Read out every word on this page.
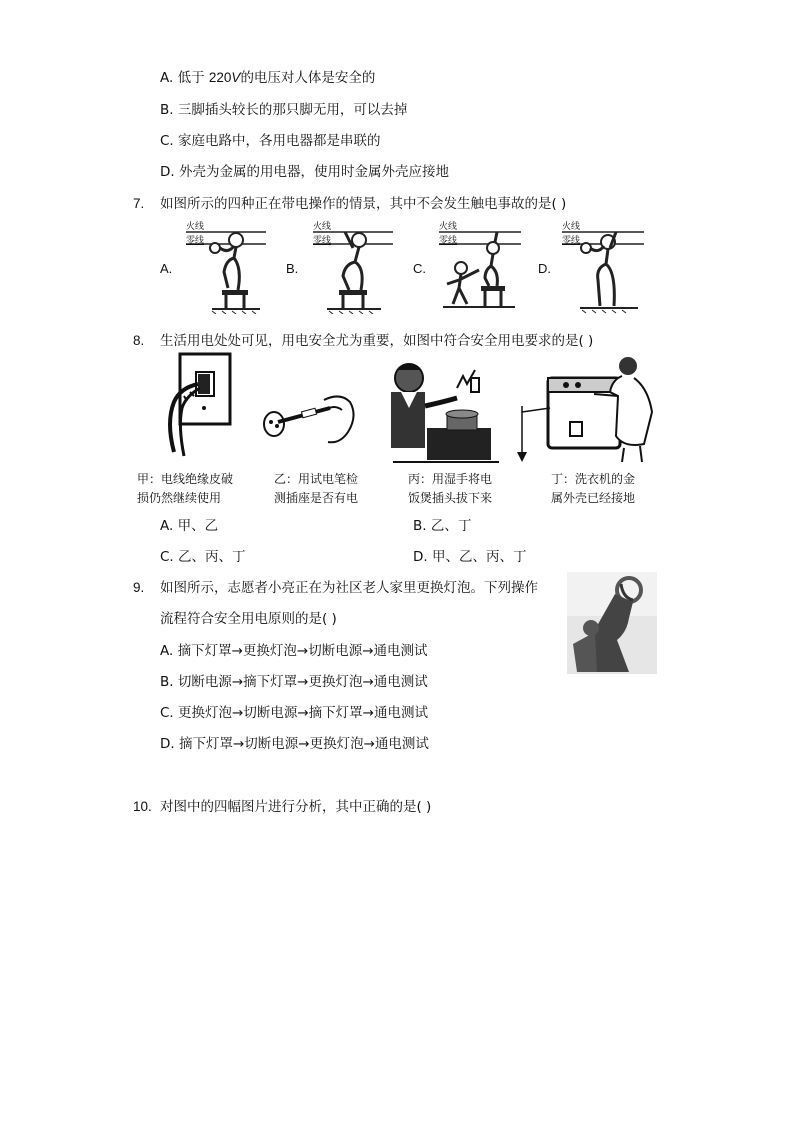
A. 低于 220V的电压对人体是安全的
B. 三脚插头较长的那只脚无用，可以去掉
C. 家庭电路中，各用电器都是串联的
D. 外壳为金属的用电器，使用时金属外壳应接地
7. 如图所示的四种正在带电操作的情景，其中不会发生触电事故的是( )
A.	B.	C.	D.
火线
零线
火线
零线
火线
零线
火线
零线
8. 生活用电处处可见，用电安全尤为重要，如图中符合安全用电要求的是( )
甲：电线绝缘皮破
损仍然继续使用
乙：用试电笔检
测插座是否有电
丙：用湿手将电
饭煲插头拔下来
丁：洗衣机的金
属外壳已经接地
A. 甲、乙	B. 乙、丁
C. 乙、丙、丁	D. 甲、乙、丙、丁
9. 如图所示，志愿者小亮正在为社区老人家里更换灯泡。下列操作
流程符合安全用电原则的是( )
A. 摘下灯罩→更换灯泡→切断电源→通电测试
B. 切断电源→摘下灯罩→更换灯泡→通电测试
C. 更换灯泡→切断电源→摘下灯罩→通电测试
D. 摘下灯罩→切断电源→更换灯泡→通电测试
10. 对图中的四幅图片进行分析，其中正确的是( )
